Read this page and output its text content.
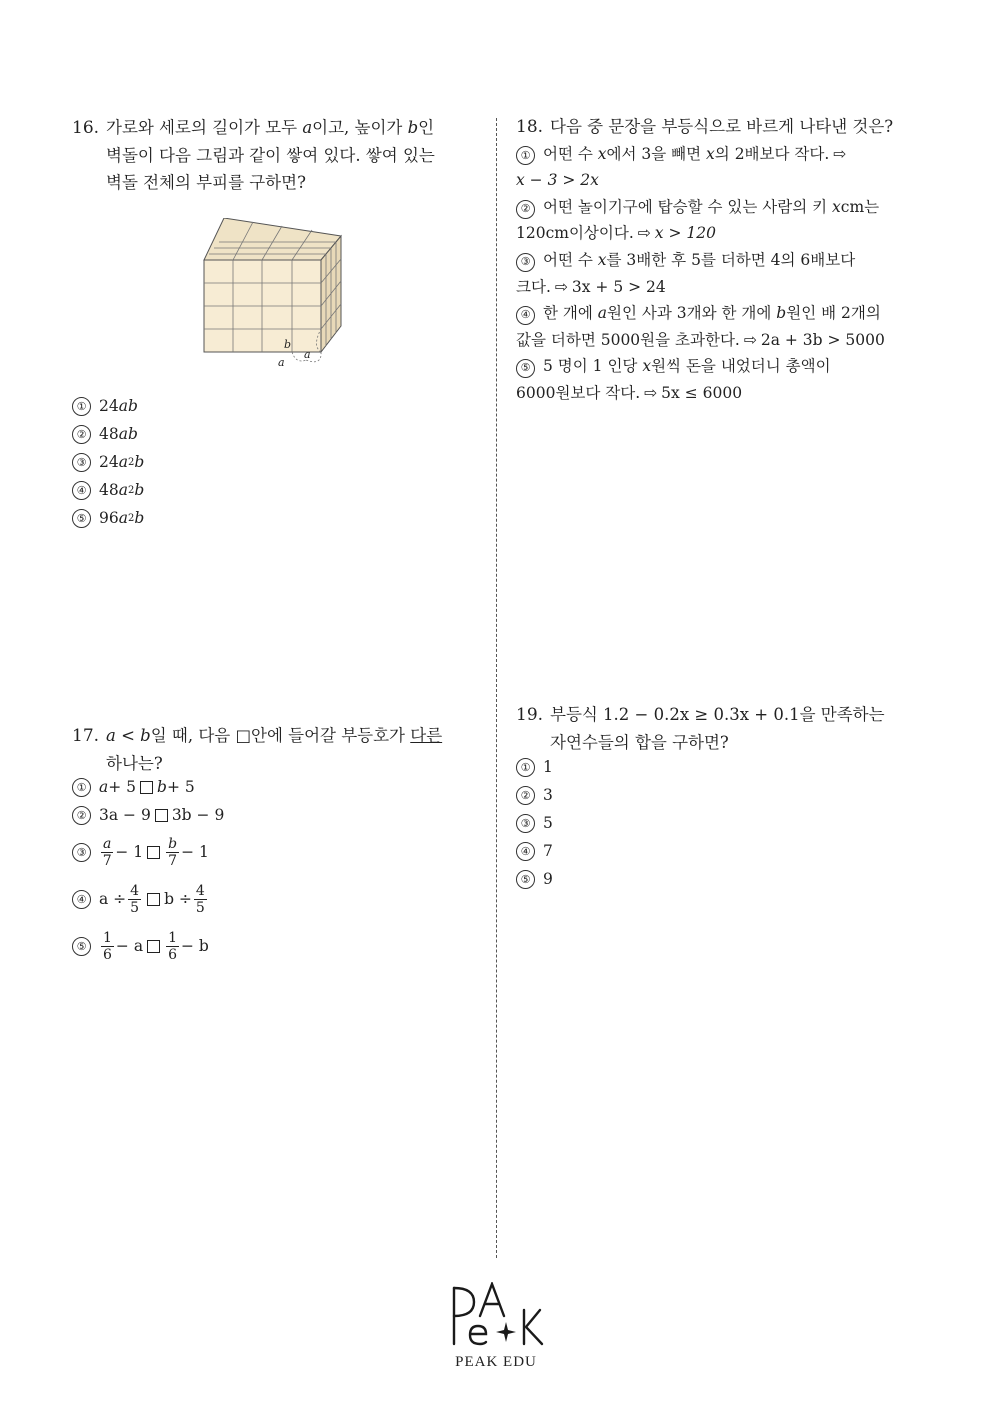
16. 가로와 세로의 길이가 모두 a이고, 높이가 b인
벽돌이 다음 그림과 같이 쌓여 있다. 쌓여 있는
벽돌 전체의 부피를 구하면?
b
a
a
① 24 ab
② 48 ab
③ 24 a 2 b
④ 48 a 2 b
⑤ 96 a 2 b
17. a < b일 때, 다음 □안에 들어갈 부등호가 다른
하나는?
① a + 5 b + 5
② 3a − 9 3b − 9
③	$\frac{a}{7} - 1 \frac{b}{7} - 1$
④ $a \div \frac{4}{5}$ $b \div \frac{4}{5}$
⑤	$\frac{1}{6} - a \frac{1}{6} - b$
18. 다음 중 문장을 부등식으로 바르게 나타낸 것은?
① 어떤 수 x에서 3을 빼면 x의 2배보다 작다. ⇨
x − 3 > 2x
② 어떤 놀이기구에 탑승할 수 있는 사람의 키 xcm는
120cm이상이다. ⇨ x > 120
③ 어떤 수 x를 3배한 후 5를 더하면 4의 6배보다
크다. ⇨ 3x + 5 > 24
④ 한 개에 a원인 사과 3개와 한 개에 b원인 배 2개의
값을 더하면 5000원을 초과한다. ⇨ 2a + 3b > 5000
⑤ 5 명이 1 인당 x원씩 돈을 내었더니 총액이
6000원보다 작다. ⇨ 5x ≤ 6000
19. 부등식 1.2 − 0.2x ≥ 0.3x + 0.1을 만족하는
자연수들의 합을 구하면?
① 1
② 3
③ 5
④ 7
⑤ 9
PEAK EDU
